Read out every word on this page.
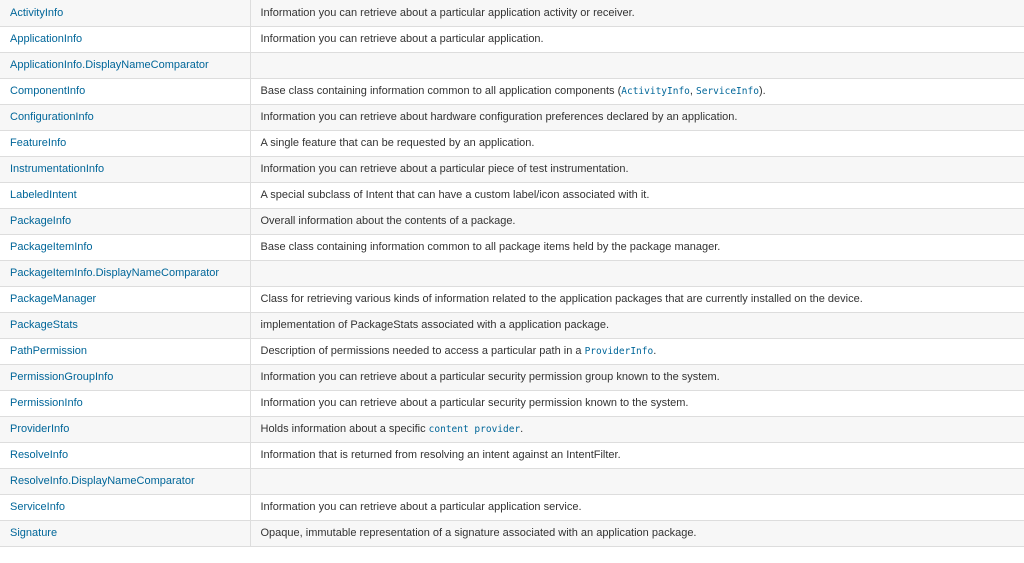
ActivityInfo	Information you can retrieve about a particular application activity or receiver.
ApplicationInfo	Information you can retrieve about a particular application.
ApplicationInfo.DisplayNameComparator	
ComponentInfo	Base class containing information common to all application components (ActivityInfo, ServiceInfo).
ConfigurationInfo	Information you can retrieve about hardware configuration preferences declared by an application.
FeatureInfo	A single feature that can be requested by an application.
InstrumentationInfo	Information you can retrieve about a particular piece of test instrumentation.
LabeledIntent	A special subclass of Intent that can have a custom label/icon associated with it.
PackageInfo	Overall information about the contents of a package.
PackageItemInfo	Base class containing information common to all package items held by the package manager.
PackageItemInfo.DisplayNameComparator	
PackageManager	Class for retrieving various kinds of information related to the application packages that are currently installed on the device.
PackageStats	implementation of PackageStats associated with a application package.
PathPermission	Description of permissions needed to access a particular path in a ProviderInfo.
PermissionGroupInfo	Information you can retrieve about a particular security permission group known to the system.
PermissionInfo	Information you can retrieve about a particular security permission known to the system.
ProviderInfo	Holds information about a specific content provider.
ResolveInfo	Information that is returned from resolving an intent against an IntentFilter.
ResolveInfo.DisplayNameComparator	
ServiceInfo	Information you can retrieve about a particular application service.
Signature	Opaque, immutable representation of a signature associated with an application package.
